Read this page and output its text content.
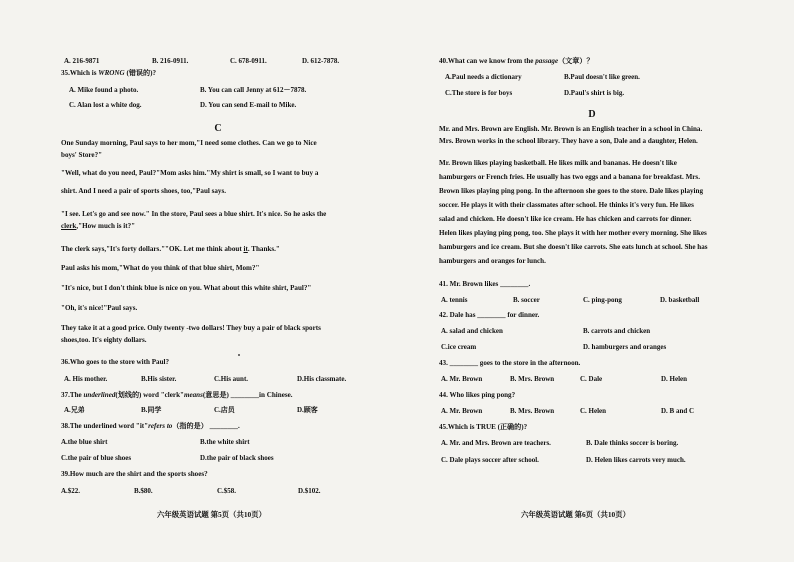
A. 216-9871	B. 216-0911.	C. 678-0911.	D. 612-7878.
35.Which is WRONG (错误的)?
A. Mike found a photo.	B. You can call Jenny at 612－7878.
C. Alan lost a white dog.	D. You can send E-mail to Mike.
C
One Sunday morning, Paul says to her mom,"I need some clothes. Can we go to Nice
boys' Store?"
"Well, what do you need, Paul?"Mom asks him."My shirt is small, so I want to buy a
shirt. And I need a pair of sports shoes, too,"Paul says.
"I see. Let's go and see now." In the store, Paul sees a blue shirt. It's nice. So he asks the
clerk,"How much is it?"
The clerk says,"It's forty dollars.""OK. Let me think about it. Thanks."
Paul asks his mom,"What do you think of that blue shirt, Mom?"
"It's nice, but I don't think blue is nice on you. What about this white shirt, Paul?"
"Oh, it's nice!"Paul says.
They take it at a good price. Only twenty -two dollars! They buy a pair of black sports
shoes,too. It's eighty dollars.
36.Who goes to the store with Paul?
A. His mother.	B.His sister.	C.His aunt.	D.His classmate.
37.The underlined(划线的) word "clerk"means(意思是) ________in Chinese.
A.兄弟	B.同学	C.店员	D.顾客
38.The underlined word "it"refers to（指的是） ________.
A.the blue shirt	B.the white shirt
C.the pair of blue shoes	D.the pair of black shoes
39.How much are the shirt and the sports shoes?
A.$22.	B.$80.	C.$58.	D.$102.
六年级英语试题 第5页（共10页）
40.What can we know from the passage（文章）？
A.Paul needs a dictionary	B.Paul doesn't like green.
C.The store is for boys	D.Paul's shirt is big.
D
Mr. and Mrs. Brown are English. Mr. Brown is an English teacher in a school in China.
Mrs. Brown works in the school library. They have a son, Dale and a daughter, Helen.
Mr. Brown likes playing basketball. He likes milk and bananas. He doesn't like
hamburgers or French fries. He usually has two eggs and a banana for breakfast. Mrs.
Brown likes playing ping pong. In the afternoon she goes to the store. Dale likes playing
soccer. He plays it with their classmates after school. He thinks it's very fun. He likes
salad and chicken. He doesn't like ice cream. He has chicken and carrots for dinner.
Helen likes playing ping pong, too. She plays it with her mother every morning. She likes
hamburgers and ice cream. But she doesn't like carrots. She eats lunch at school. She has
hamburgers and oranges for lunch.
41. Mr. Brown likes ________.
A. tennis	B. soccer	C. ping-pong	D. basketball
42. Dale has ________ for dinner.
A. salad and chicken	B. carrots and chicken
C.ice cream	D. hamburgers and oranges
43. ________ goes to the store in the afternoon.
A. Mr. Brown	B. Mrs. Brown	C. Dale	D. Helen
44. Who likes ping pong?
A. Mr. Brown	B. Mrs. Brown	C. Helen	D. B and C
45.Which is TRUE (正确的)?
A. Mr. and Mrs. Brown are teachers.	B. Dale thinks soccer is boring.
C. Dale plays soccer after school.	D. Helen likes carrots very much.
六年级英语试题 第6页（共10页）
